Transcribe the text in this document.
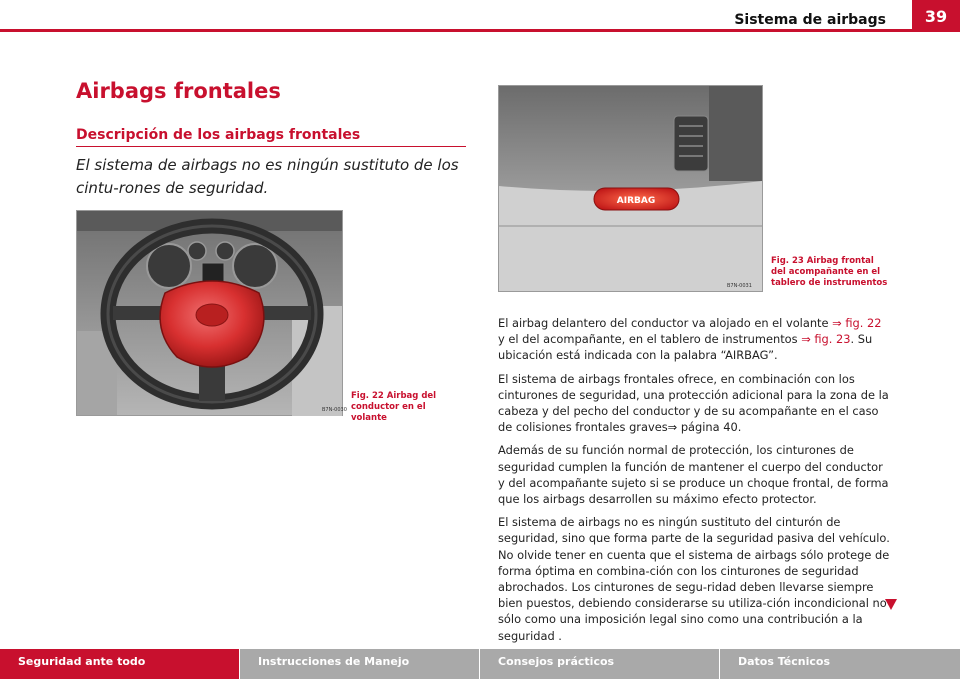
Sistema de airbags	39
Airbags frontales
Descripción de los airbags frontales
El sistema de airbags no es ningún sustituto de los cintu-rones de seguridad.
B7N-0030
Fig. 22 Airbag del conductor en el volante
AIRBAG
B7N-0031
Fig. 23 Airbag frontal del acompañante en el tablero de instrumentos

El airbag delantero del conductor va alojado en el volante ⇒ fig. 22 y el del acompañante, en el tablero de instrumentos ⇒ fig. 23. Su ubicación está indicada con la palabra “AIRBAG”.

El sistema de airbags frontales ofrece, en combinación con los cinturones de seguridad, una protección adicional para la zona de la cabeza y del pecho del conductor y de su acompañante en el caso de colisiones frontales graves⇒ página 40.

Además de su función normal de protección, los cinturones de seguridad cumplen la función de mantener el cuerpo del conductor y del acompañante sujeto si se produce un choque frontal, de forma que los airbags desarrollen su máximo efecto protector.

El sistema de airbags no es ningún sustituto del cinturón de seguridad, sino que forma parte de la seguridad pasiva del vehículo. No olvide tener en cuenta que el sistema de airbags sólo protege de forma óptima en combina-ción con los cinturones de seguridad abrochados. Los cinturones de segu-ridad deben llevarse siempre bien puestos, debiendo considerarse su utiliza-ción incondicional no sólo como una imposición legal sino como una contribución a la seguridad .

Seguridad ante todo	Instrucciones de Manejo	Consejos prácticos	Datos Técnicos
